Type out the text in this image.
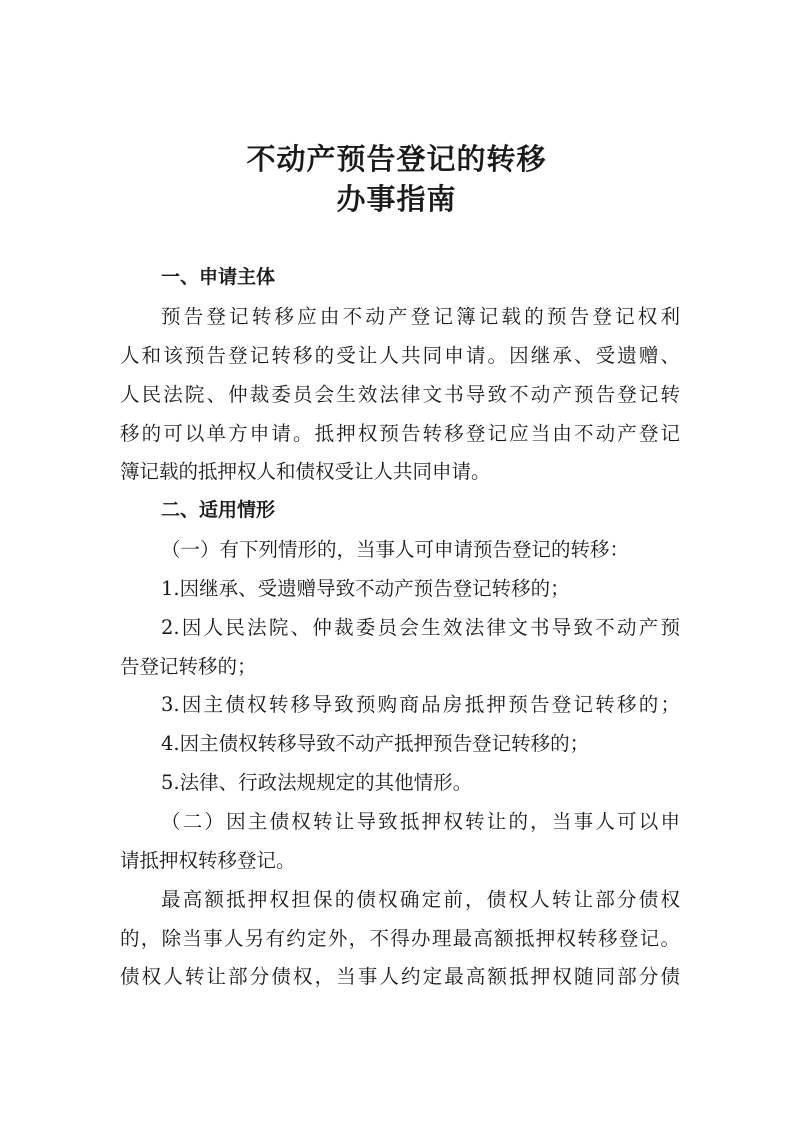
不动产预告登记的转移
办事指南
一、申请主体
预告登记转移应由不动产登记簿记载的预告登记权利
人和该预告登记转移的受让人共同申请。因继承、受遗赠、
人民法院、仲裁委员会生效法律文书导致不动产预告登记转
移的可以单方申请。抵押权预告转移登记应当由不动产登记
簿记载的抵押权人和债权受让人共同申请。
二、适用情形
（一）有下列情形的，当事人可申请预告登记的转移：
1.因继承、受遗赠导致不动产预告登记转移的；
2.因人民法院、仲裁委员会生效法律文书导致不动产预
告登记转移的；
3.因主债权转移导致预购商品房抵押预告登记转移的；
4.因主债权转移导致不动产抵押预告登记转移的；
5.法律、行政法规规定的其他情形。
（二）因主债权转让导致抵押权转让的，当事人可以申
请抵押权转移登记。
最高额抵押权担保的债权确定前，债权人转让部分债权
的，除当事人另有约定外，不得办理最高额抵押权转移登记。
债权人转让部分债权，当事人约定最高额抵押权随同部分债
